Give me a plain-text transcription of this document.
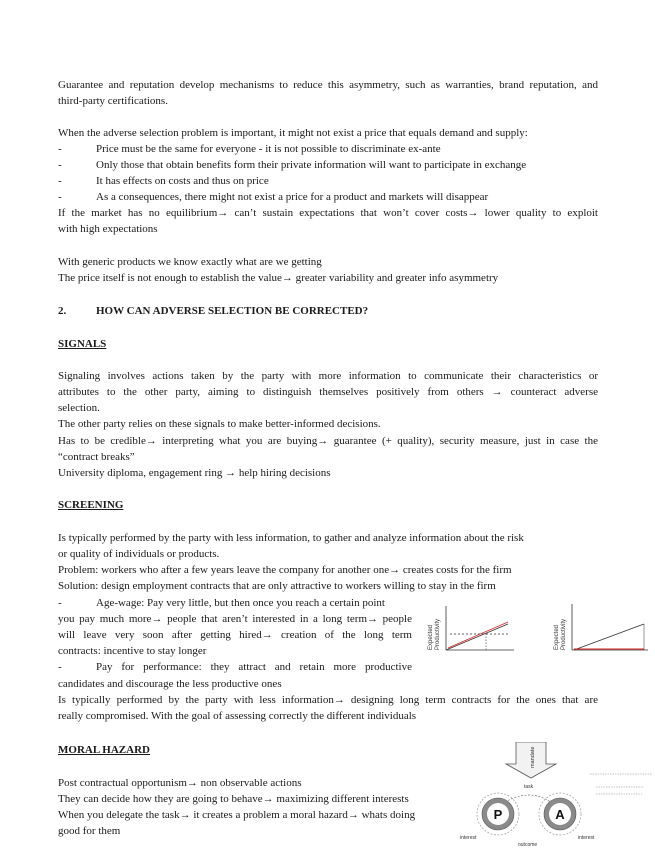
Guarantee and reputation develop mechanisms to reduce this asymmetry, such as warranties, brand reputation, and
third-party certifications.
When the adverse selection problem is important, it might not exist a price that equals demand and supply:
-	Price must be the same for everyone - it is not possible to discriminate ex-ante
-	Only those that obtain benefits form their private information will want to participate in exchange
-	It has effects on costs and thus on price
-	As a consequences, there might not exist a price for a product and markets will disappear
If the market has no equilibrium→ can’t sustain expectations that won’t cover costs→ lower quality to exploit
with high expectations
With generic products we know exactly what are we getting
The price itself is not enough to establish the value→ greater variability and greater info asymmetry
2.	HOW CAN ADVERSE SELECTION BE CORRECTED?
SIGNALS
Signaling involves actions taken by the party with more information to communicate their characteristics or
attributes to the other party, aiming to distinguish themselves positively from others → counteract adverse
selection.
The other party relies on these signals to make better-informed decisions.
Has to be credible→ interpreting what you are buying→ guarantee (+ quality), security measure, just in case the
“contract breaks”
University diploma, engagement ring → help hiring decisions
SCREENING
Is typically performed by the party with less information, to gather and analyze information about the risk
or quality of individuals or products.
Problem: workers who after a few years leave the company for another one→ creates costs for the firm
Solution: design employment contracts that are only attractive to workers willing to stay in the firm
-	Age-wage: Pay very little, but then once you reach a certain point
you pay much more→ people that aren’t interested in a long term→ people
will leave very soon after getting hired→ creation of the long term
contracts: incentive to stay longer
-	Pay for performance: they attract and retain more productive
candidates and discourage the less productive ones
Is typically performed by the party with less information→ designing long term contracts for the ones that are
really compromised. With the goal of assessing correctly the different individuals
Expected Productivity	Expected Productivity
MORAL HAZARD
Post contractual opportunism→ non observable actions
They can decide how they are going to behave→ maximizing different interests
When you delegate the task→ it creates a problem a moral hazard→ whats doing
good for them
mandate
task
P	A
interest	interest
outcome
